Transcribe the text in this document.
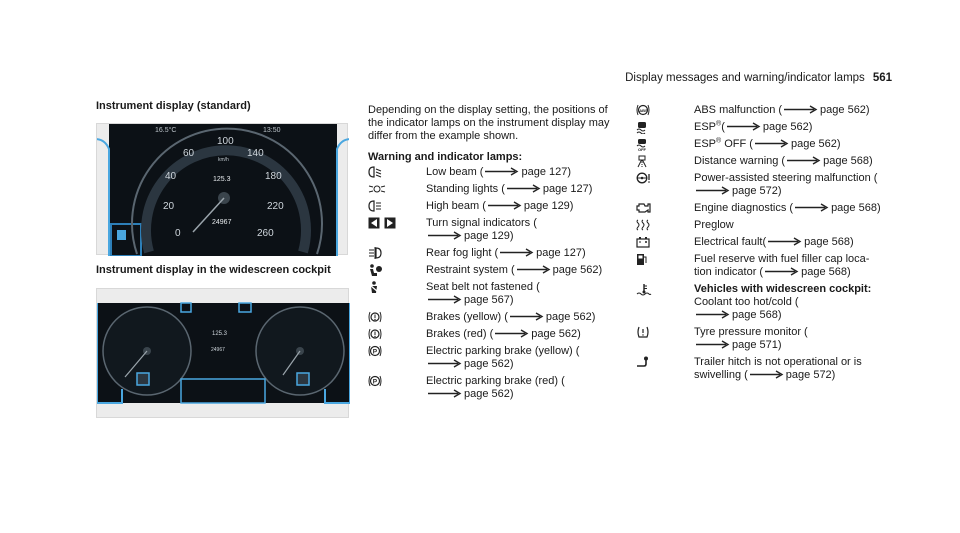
Display messages and warning/indicator lamps 561
Instrument display (standard)
0
20
40
60
100
140
180
220
260
16.5°C	13:50
km/h
125.3
24967
Instrument display in the widescreen cockpit
125.3
24967
Depending on the display setting, the positions of the indicator lamps on the instrument display may differ from the example shown.
Warning and indicator lamps:
Low beam (	page 127)
Standing lights (	page 127)
High beam (	page 129)
Turn signal indicators (
page 129)
Rear fog light (	page 127)
Restraint system (	page 562)
Seat belt not fastened (
page 567)
Brakes (yellow) (	page 562)
Brakes (red) (	page 562)
P	Electric parking brake (yellow) (
page 562)
P	Electric parking brake (red) (
page 562)
ABS	ABS malfunction (	page 562)
ESP®(	page 562)
OFF	ESP® OFF (	page 562)
Distance warning (	page 568)
Power-assisted steering malfunction (
page 572)
Engine diagnostics (	page 568)
Preglow
Electrical fault(	page 568)
Fuel reserve with fuel filler cap loca-
tion indicator (	page 568)
Vehicles with widescreen cockpit:
Coolant too hot/cold (
page 568)
Tyre pressure monitor (
page 571)
Trailer hitch is not operational or is
swivelling (	page 572)
